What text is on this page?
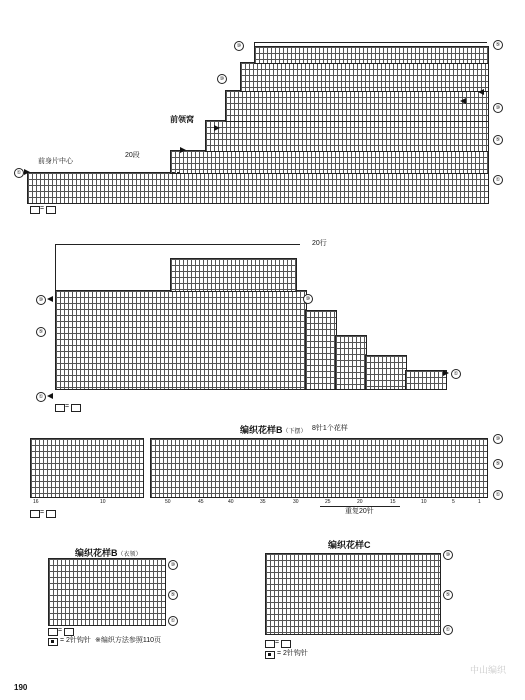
前领窝
前身片中心
20段
①
⑩
⑩
⑤
⑩
⑤
①
=
20行
⑩
⑤
①
①
⑩
=
编织花样B（下摆） 8针1个花样
16	10	50	45	40	35	30	25	20	15	10	5	1
重复20针
⑩
⑤
①
=
编织花样B（衣领）
⑩
⑤
①
=
= 2针钩针 ※编织方法参照110页
编织花样C
⑩
⑤
①
=
= 2针钩针
190
中山编织
